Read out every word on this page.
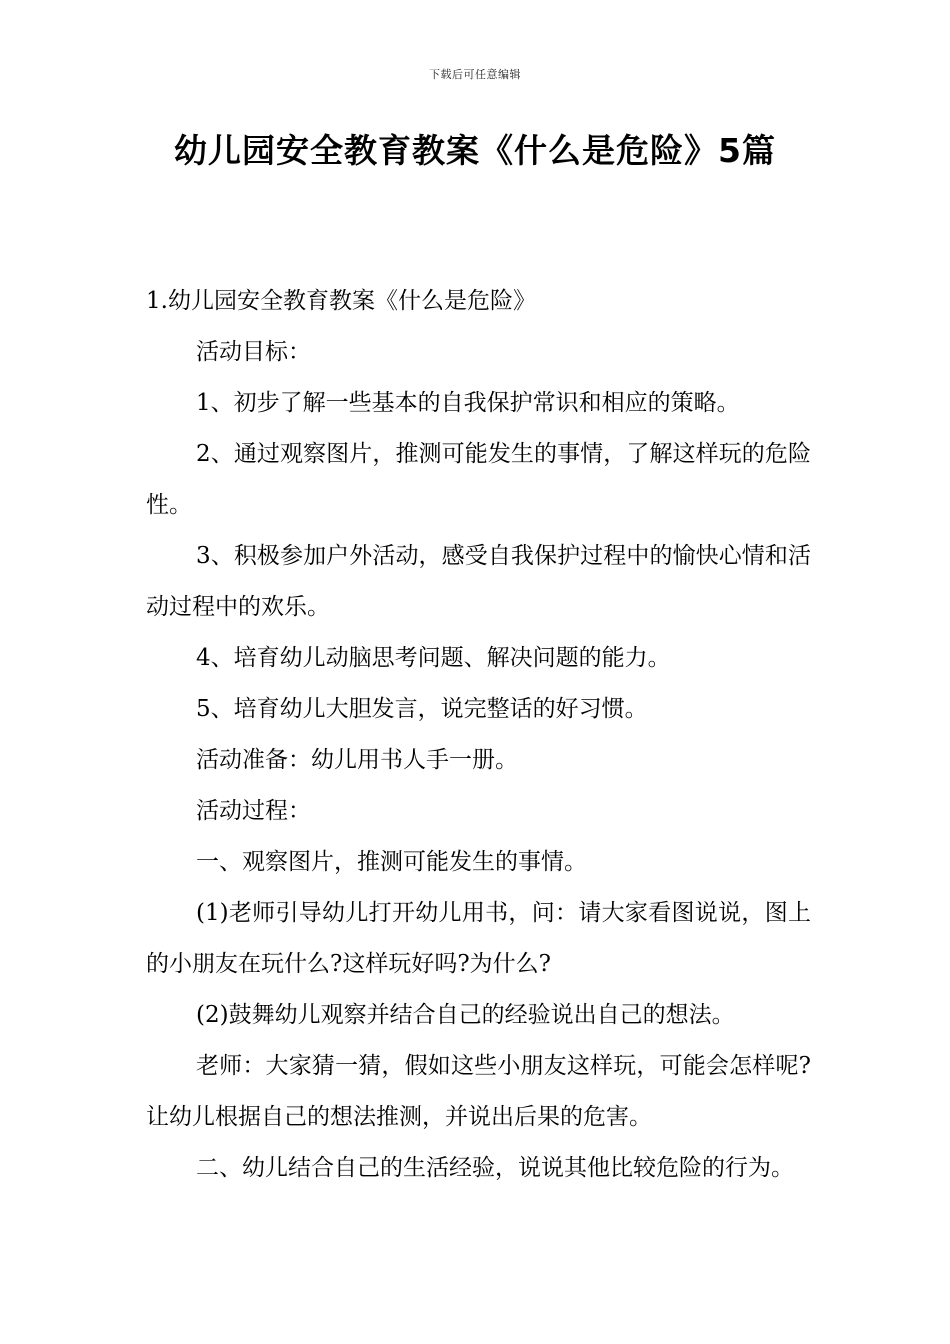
下载后可任意编辑
幼儿园安全教育教案《什么是危险》5篇

1.幼儿园安全教育教案《什么是危险》

活动目标：

1、初步了解一些基本的自我保护常识和相应的策略。

2、通过观察图片，推测可能发生的事情，了解这样玩的危险性。

3、积极参加户外活动，感受自我保护过程中的愉快心情和活动过程中的欢乐。

4、培育幼儿动脑思考问题、解决问题的能力。

5、培育幼儿大胆发言，说完整话的好习惯。

活动准备：幼儿用书人手一册。

活动过程：

一、观察图片，推测可能发生的事情。

(1)老师引导幼儿打开幼儿用书，问：请大家看图说说，图上的小朋友在玩什么?这样玩好吗?为什么?

(2)鼓舞幼儿观察并结合自己的经验说出自己的想法。

老师：大家猜一猜，假如这些小朋友这样玩，可能会怎样呢?让幼儿根据自己的想法推测，并说出后果的危害。

二、幼儿结合自己的生活经验，说说其他比较危险的行为。
